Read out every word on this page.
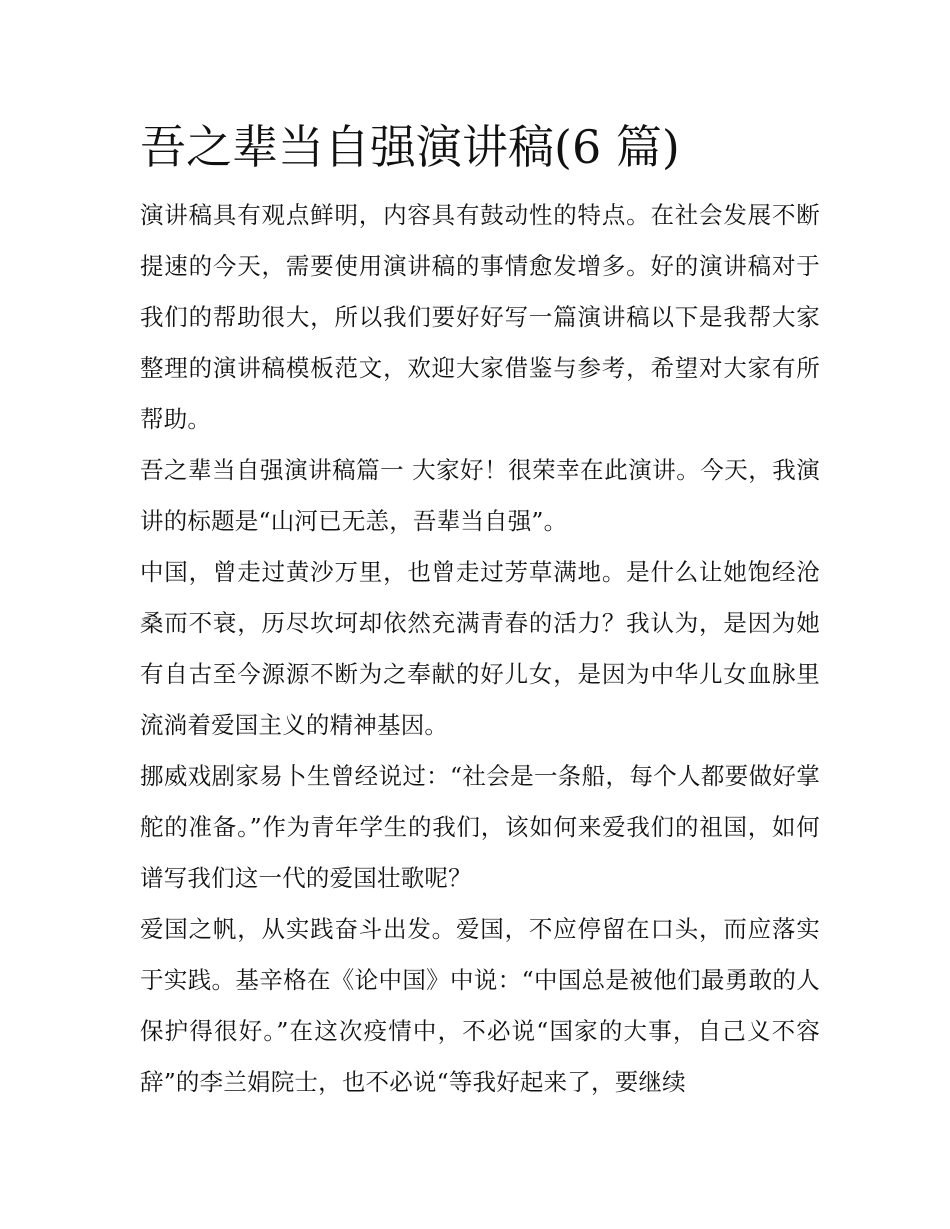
吾之辈当自强演讲稿(6 篇)

演讲稿具有观点鲜明，内容具有鼓动性的特点。在社会发展不断提速的今天，需要使用演讲稿的事情愈发增多。好的演讲稿对于我们的帮助很大，所以我们要好好写一篇演讲稿以下是我帮大家整理的演讲稿模板范文，欢迎大家借鉴与参考，希望对大家有所帮助。

吾之辈当自强演讲稿篇一 大家好！很荣幸在此演讲。今天，我演讲的标题是“山河已无恙，吾辈当自强”。

中国，曾走过黄沙万里，也曾走过芳草满地。是什么让她饱经沧桑而不衰，历尽坎坷却依然充满青春的活力？我认为，是因为她有自古至今源源不断为之奉献的好儿女，是因为中华儿女血脉里流淌着爱国主义的精神基因。

挪威戏剧家易卜生曾经说过：“社会是一条船，每个人都要做好掌舵的准备。”作为青年学生的我们，该如何来爱我们的祖国，如何谱写我们这一代的爱国壮歌呢？

爱国之帆，从实践奋斗出发。爱国，不应停留在口头，而应落实于实践。基辛格在《论中国》中说：“中国总是被他们最勇敢的人保护得很好。”在这次疫情中，不必说“国家的大事，自己义不容辞”的李兰娟院士，也不必说“等我好起来了，要继续
